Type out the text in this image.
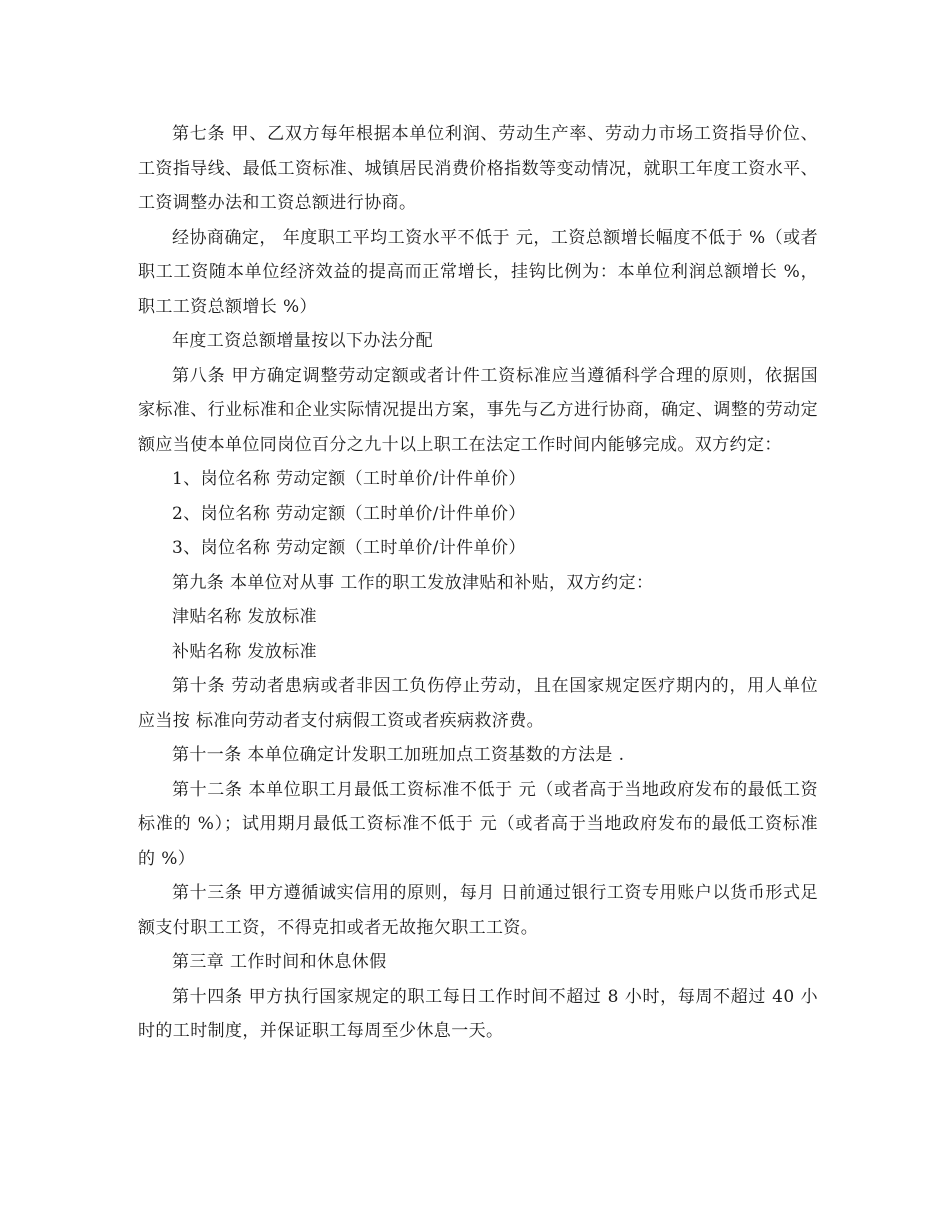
第七条 甲、乙双方每年根据本单位利润、劳动生产率、劳动力市场工资指导价位、工资指导线、最低工资标准、城镇居民消费价格指数等变动情况，就职工年度工资水平、工资调整办法和工资总额进行协商。

经协商确定， 年度职工平均工资水平不低于 元，工资总额增长幅度不低于 %（或者职工工资随本单位经济效益的提高而正常增长，挂钩比例为：本单位利润总额增长 %，职工工资总额增长 %）

年度工资总额增量按以下办法分配

第八条 甲方确定调整劳动定额或者计件工资标准应当遵循科学合理的原则，依据国家标准、行业标准和企业实际情况提出方案，事先与乙方进行协商，确定、调整的劳动定额应当使本单位同岗位百分之九十以上职工在法定工作时间内能够完成。双方约定：

1、岗位名称 劳动定额（工时单价/计件单价）

2、岗位名称 劳动定额（工时单价/计件单价）

3、岗位名称 劳动定额（工时单价/计件单价）

第九条 本单位对从事 工作的职工发放津贴和补贴，双方约定：

津贴名称 发放标准

补贴名称 发放标准

第十条 劳动者患病或者非因工负伤停止劳动，且在国家规定医疗期内的，用人单位应当按 标准向劳动者支付病假工资或者疾病救济费。

第十一条 本单位确定计发职工加班加点工资基数的方法是 .

第十二条 本单位职工月最低工资标准不低于 元（或者高于当地政府发布的最低工资标准的 %）；试用期月最低工资标准不低于 元（或者高于当地政府发布的最低工资标准的 %）

第十三条 甲方遵循诚实信用的原则，每月 日前通过银行工资专用账户以货币形式足额支付职工工资，不得克扣或者无故拖欠职工工资。

第三章 工作时间和休息休假

第十四条 甲方执行国家规定的职工每日工作时间不超过 8 小时，每周不超过 40 小时的工时制度，并保证职工每周至少休息一天。
